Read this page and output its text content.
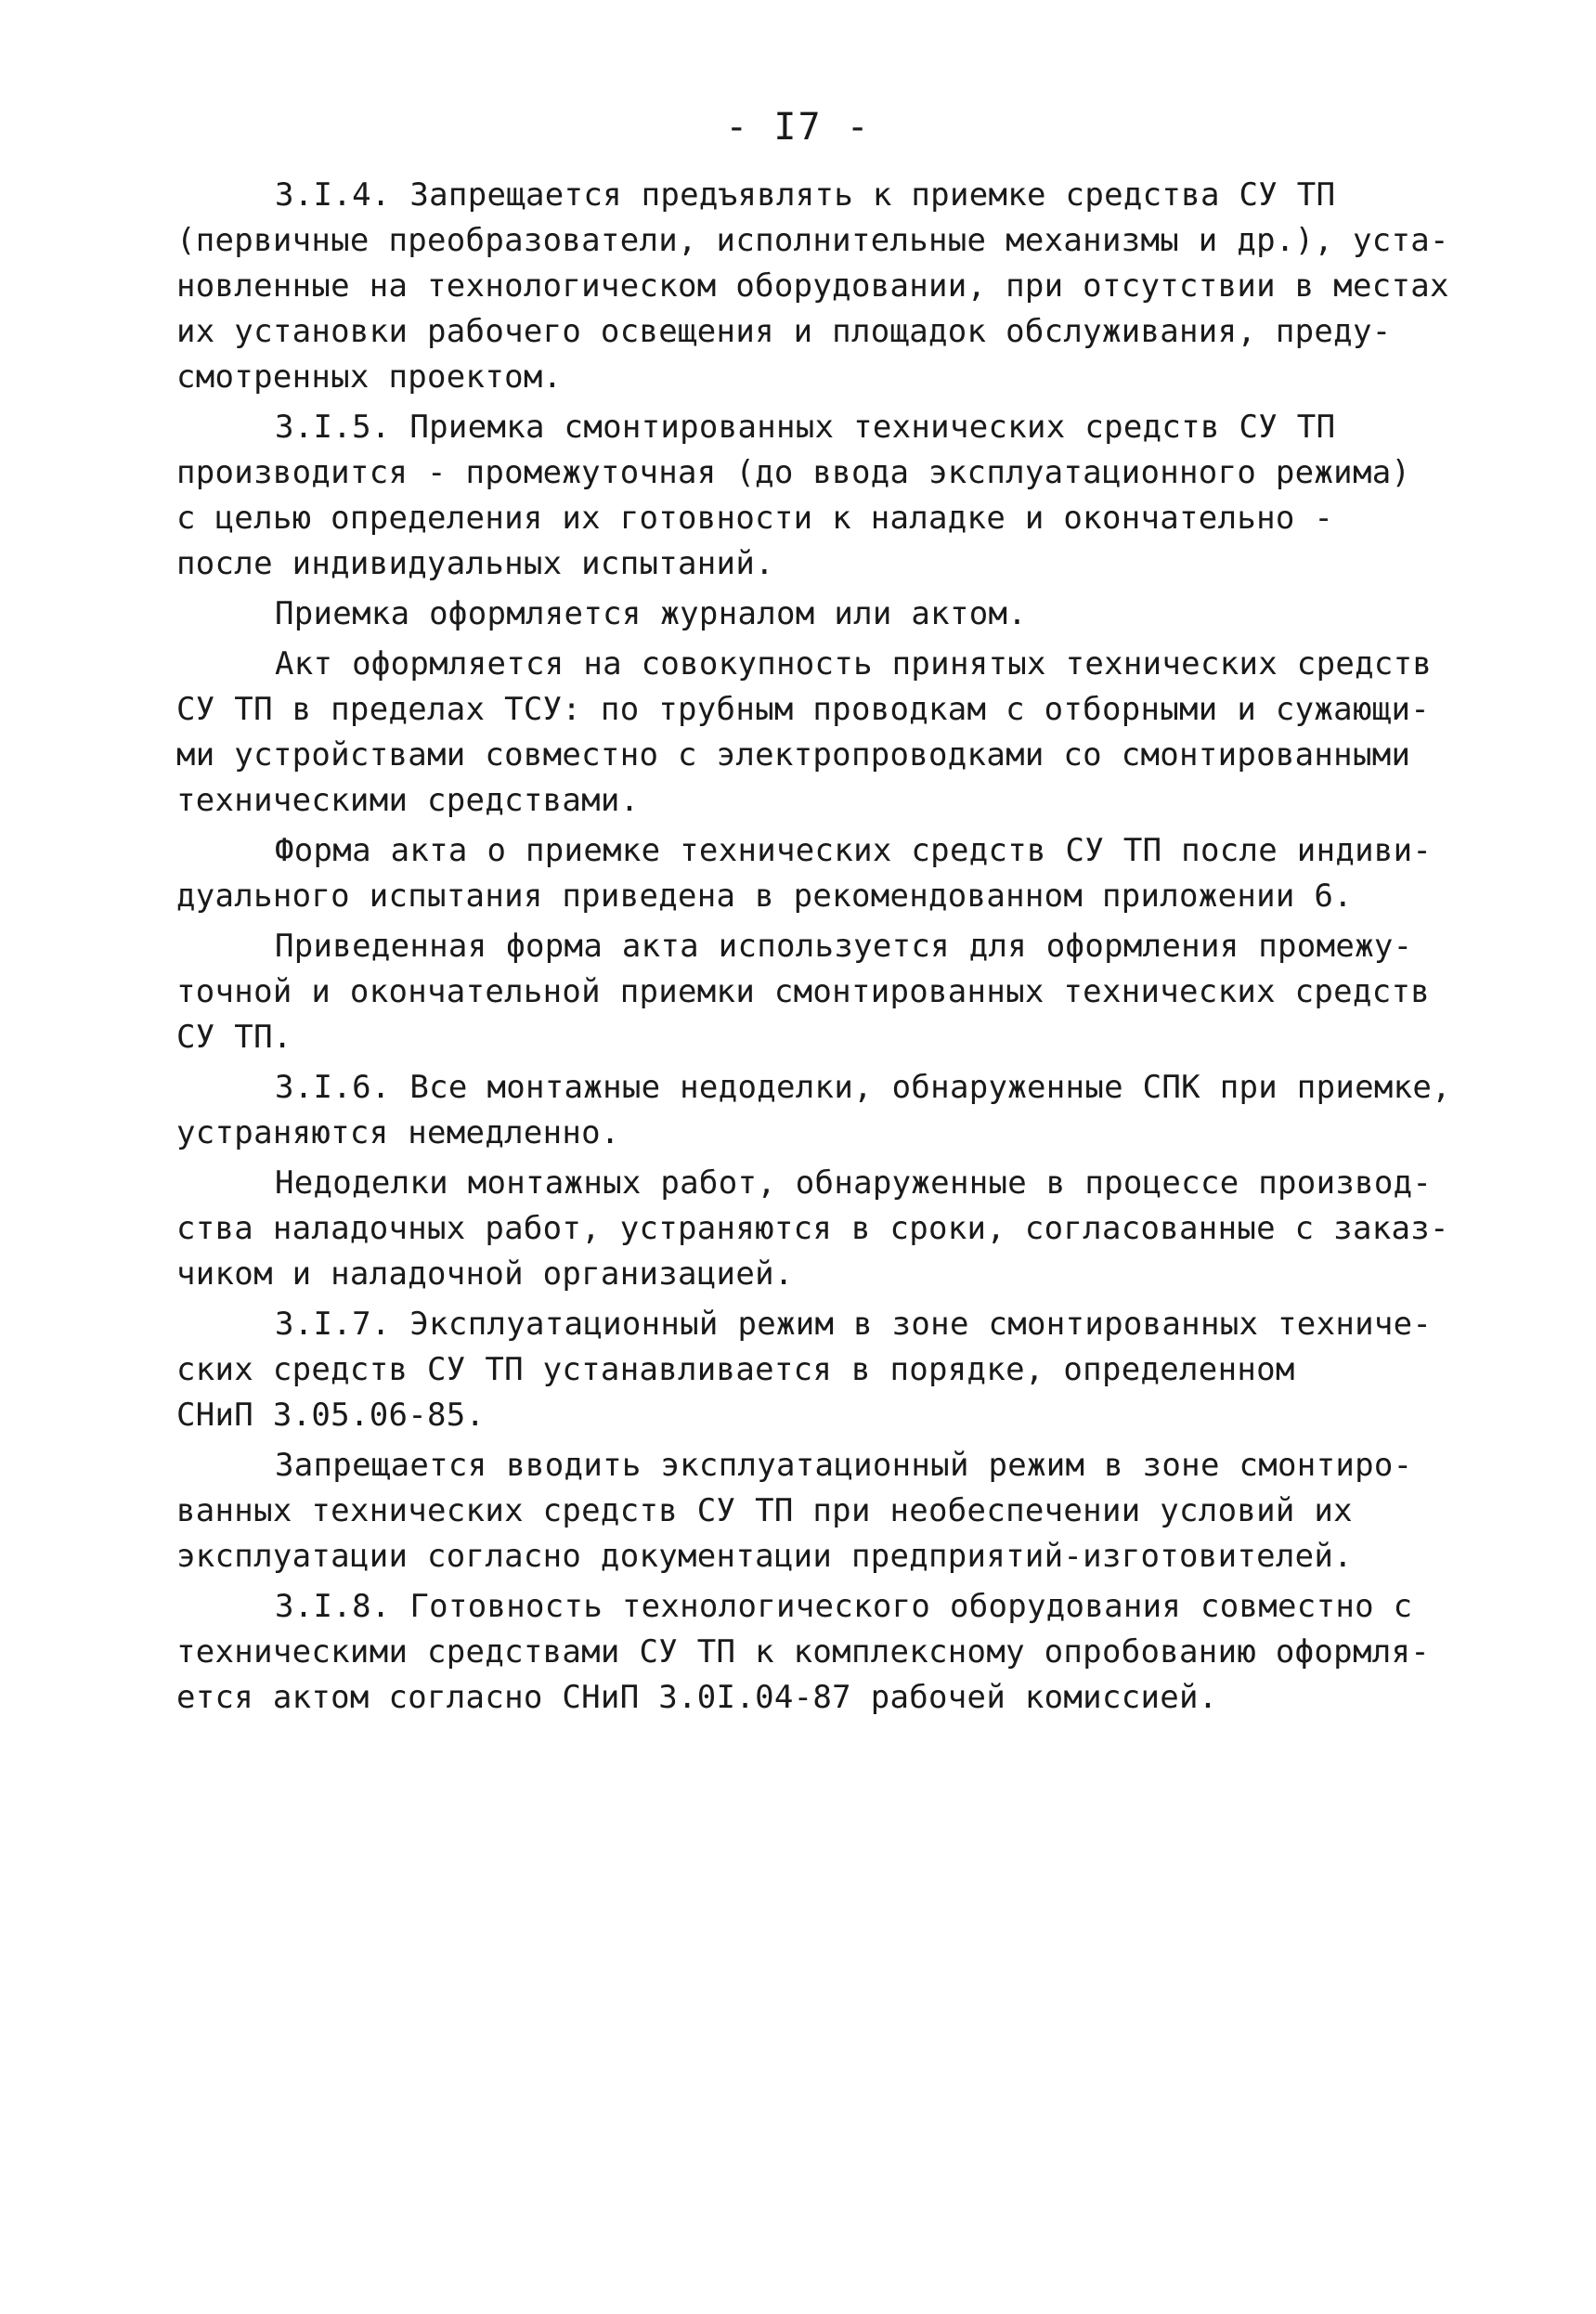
- I7 -
3.I.4. Запрещается предъявлять к приемке средства СУ ТП
(первичные преобразователи, исполнительные механизмы и др.), уста-
новленные на технологическом оборудовании, при отсутствии в местах
их установки рабочего освещения и площадок обслуживания, преду-
смотренных проектом.
3.I.5. Приемка смонтированных технических средств СУ ТП
производится - промежуточная (до ввода эксплуатационного режима)
с целью определения их готовности к наладке и окончательно -
после индивидуальных испытаний.
Приемка оформляется журналом или актом.
Акт оформляется на совокупность принятых технических средств
СУ ТП в пределах ТСУ: по трубным проводкам с отборными и сужающи-
ми устройствами совместно с электропроводками со смонтированными
техническими средствами.
Форма акта о приемке технических средств СУ ТП после индиви-
дуального испытания приведена в рекомендованном приложении 6.
Приведенная форма акта используется для оформления промежу-
точной и окончательной приемки смонтированных технических средств
СУ ТП.
3.I.6. Все монтажные недоделки, обнаруженные СПК при приемке,
устраняются немедленно.
Недоделки монтажных работ, обнаруженные в процессе производ-
ства наладочных работ, устраняются в сроки, согласованные с заказ-
чиком и наладочной организацией.
3.I.7. Эксплуатационный режим в зоне смонтированных техниче-
ских средств СУ ТП устанавливается в порядке, определенном
СНиП 3.05.06-85.
Запрещается вводить эксплуатационный режим в зоне смонтиро-
ванных технических средств СУ ТП при необеспечении условий их
эксплуатации согласно документации предприятий-изготовителей.
3.I.8. Готовность технологического оборудования совместно с
техническими средствами СУ ТП к комплексному опробованию оформля-
ется актом согласно СНиП 3.0I.04-87 рабочей комиссией.
